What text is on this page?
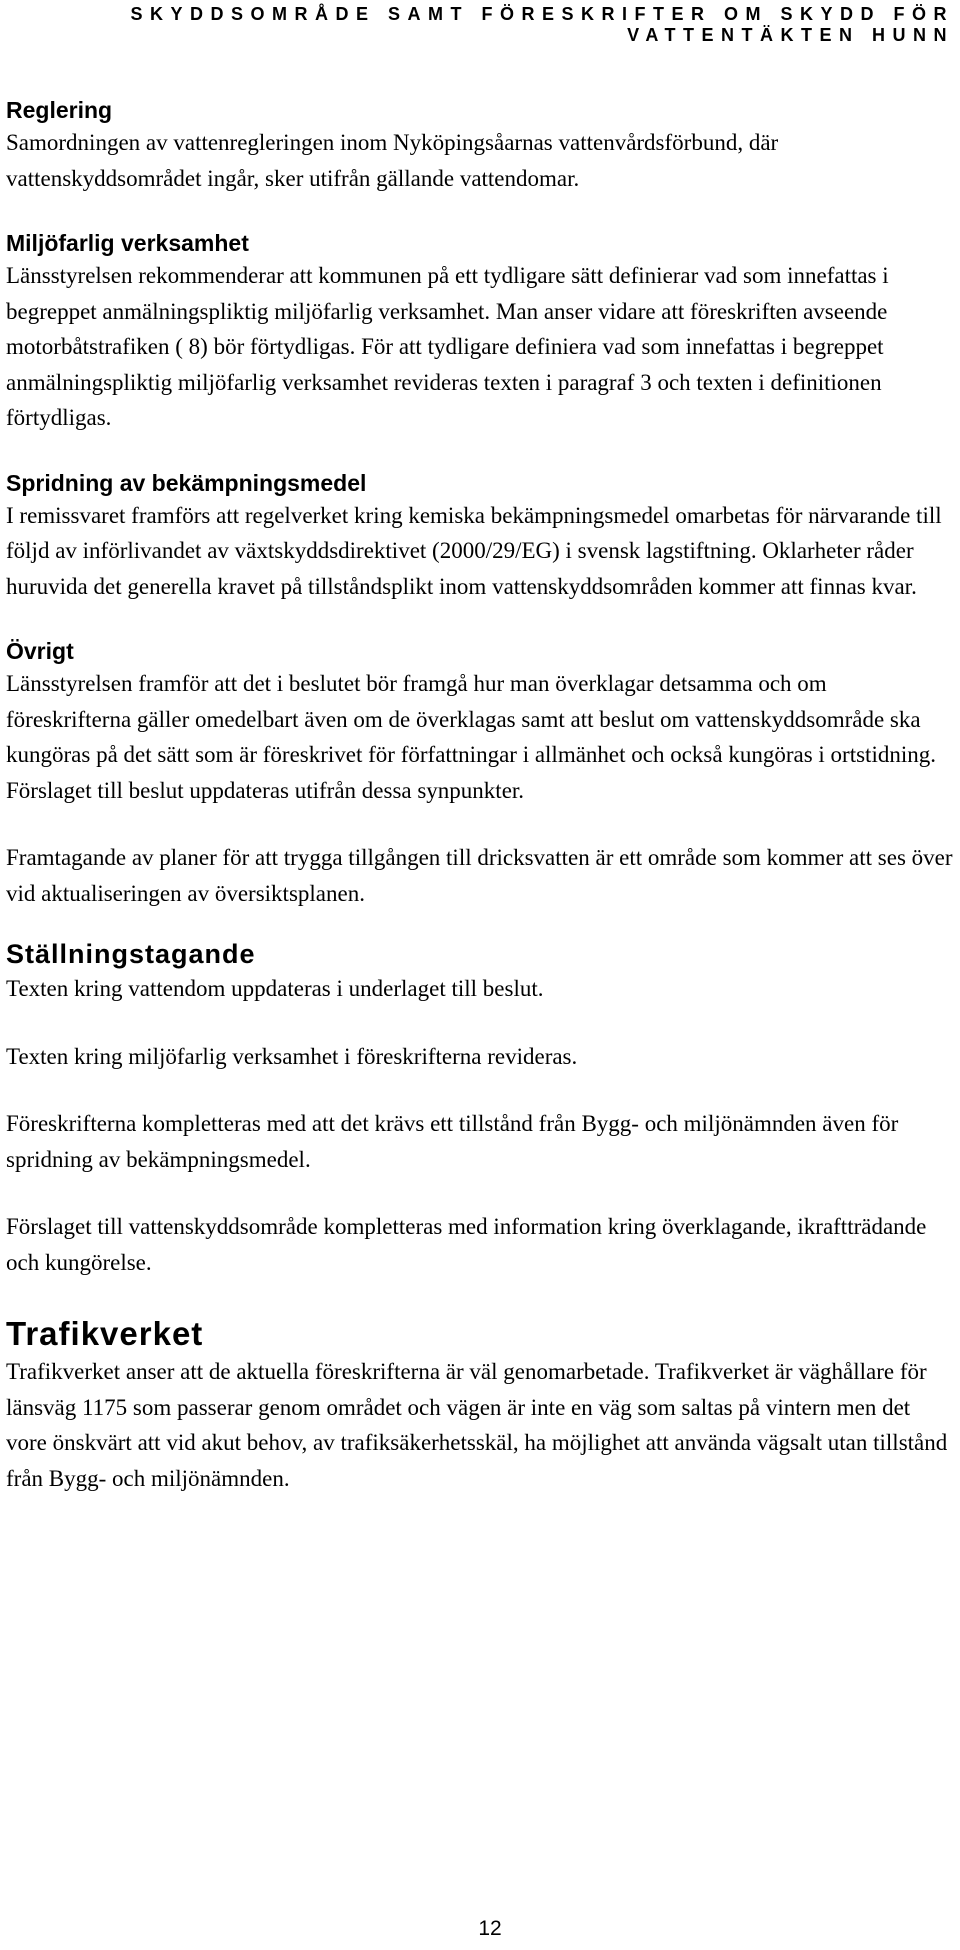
SKYDDSOMRÅDE SAMT FÖRESKRIFTER OM SKYDD FÖR
VATTENTÄKTEN HUNN
Reglering

Samordningen av vattenregleringen inom Nyköpingsåarnas vattenvårdsförbund, där vattenskyddsområdet ingår, sker utifrån gällande vattendomar.

Miljöfarlig verksamhet

Länsstyrelsen rekommenderar att kommunen på ett tydligare sätt definierar vad som innefattas i begreppet anmälningspliktig miljöfarlig verksamhet. Man anser vidare att föreskriften avseende motorbåtstrafiken ( 8) bör förtydligas. För att tydligare definiera vad som innefattas i begreppet anmälningspliktig miljöfarlig verksamhet revideras texten i paragraf 3 och texten i definitionen förtydligas.

Spridning av bekämpningsmedel

I remissvaret framförs att regelverket kring kemiska bekämpningsmedel omarbetas för närvarande till följd av införlivandet av växtskyddsdirektivet (2000/29/EG) i svensk lagstiftning. Oklarheter råder huruvida det generella kravet på tillståndsplikt inom vattenskyddsområden kommer att finnas kvar.

Övrigt

Länsstyrelsen framför att det i beslutet bör framgå hur man överklagar detsamma och om föreskrifterna gäller omedelbart även om de överklagas samt att beslut om vattenskyddsområde ska kungöras på det sätt som är föreskrivet för författningar i allmänhet och också kungöras i ortstidning. Förslaget till beslut uppdateras utifrån dessa synpunkter.

Framtagande av planer för att trygga tillgången till dricksvatten är ett område som kommer att ses över vid aktualiseringen av översiktsplanen.

Ställningstagande

Texten kring vattendom uppdateras i underlaget till beslut.

Texten kring miljöfarlig verksamhet i föreskrifterna revideras.

Föreskrifterna kompletteras med att det krävs ett tillstånd från Bygg- och miljönämnden även för spridning av bekämpningsmedel.

Förslaget till vattenskyddsområde kompletteras med information kring överklagande, ikraftträdande och kungörelse.

Trafikverket

Trafikverket anser att de aktuella föreskrifterna är väl genomarbetade. Trafikverket är väghållare för länsväg 1175 som passerar genom området och vägen är inte en väg som saltas på vintern men det vore önskvärt att vid akut behov, av trafiksäkerhetsskäl, ha möjlighet att använda vägsalt utan tillstånd från Bygg- och miljönämnden.

12
